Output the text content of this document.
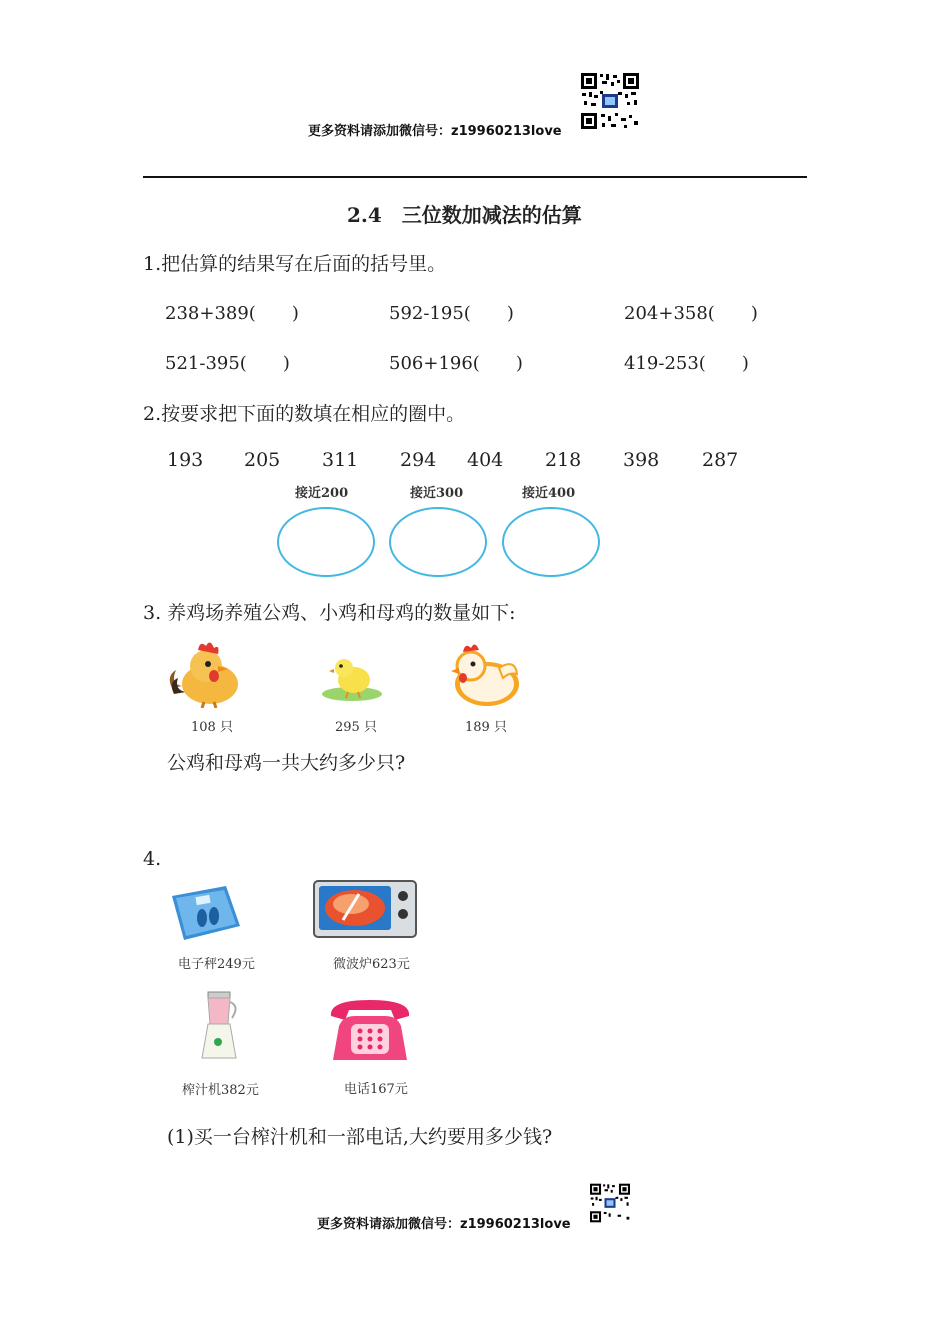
更多资料请添加微信号：z19960213love
2.4　三位数加减法的估算
1.把估算的结果写在后面的括号里。
238+389(　　)	592-195(　　)	204+358(　　)
521-395(　　)	506+196(　　)	419-253(　　)
2.按要求把下面的数填在相应的圈中。
193 205 311 294 404 218 398 287
接近200	接近300	接近400
3. 养鸡场养殖公鸡、小鸡和母鸡的数量如下:
108 只	295 只	189 只
公鸡和母鸡一共大约多少只?
4.
电子秤249元	微波炉623元
榨汁机382元	电话167元
(1)买一台榨汁机和一部电话,大约要用多少钱?
更多资料请添加微信号：z19960213love
